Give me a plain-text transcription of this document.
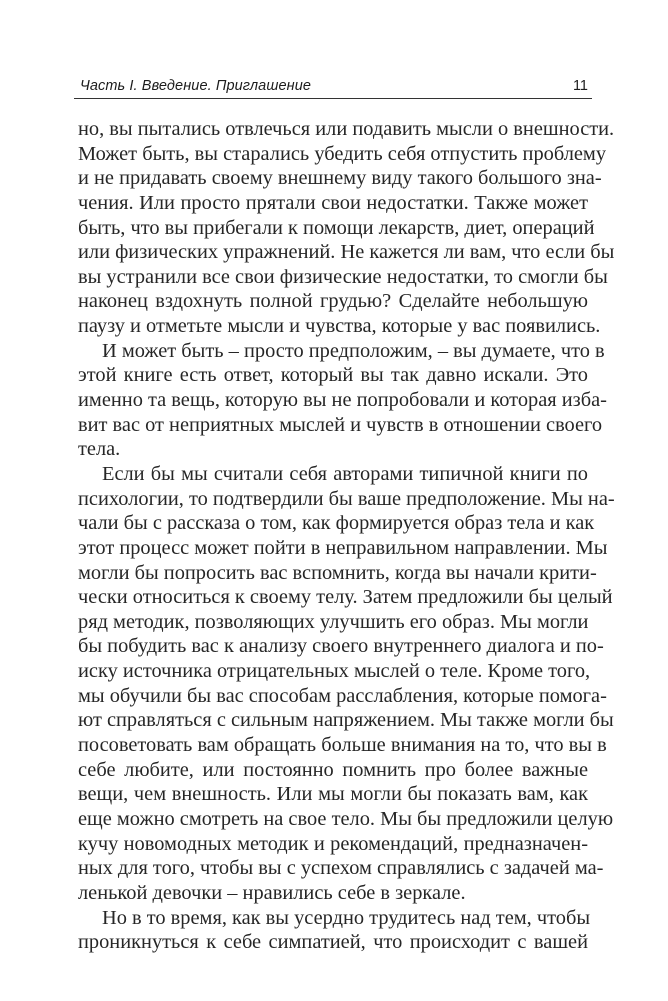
Часть I. Введение. Приглашение	11
но, вы пытались отвлечься или подавить мысли о внешности.
Может быть, вы старались убедить себя отпустить проблему
и не придавать своему внешнему виду такого большого зна-
чения. Или просто прятали свои недостатки. Также может
быть, что вы прибегали к помощи лекарств, диет, операций
или физических упражнений. Не кажется ли вам, что если бы
вы устранили все свои физические недостатки, то смогли бы
наконец вздохнуть полной грудью? Сделайте небольшую
паузу и отметьте мысли и чувства, которые у вас появились.
И может быть – просто предположим, – вы думаете, что в
этой книге есть ответ, который вы так давно искали. Это
именно та вещь, которую вы не попробовали и которая изба-
вит вас от неприятных мыслей и чувств в отношении своего
тела.
Если бы мы считали себя авторами типичной книги по
психологии, то подтвердили бы ваше предположение. Мы на-
чали бы с рассказа о том, как формируется образ тела и как
этот процесс может пойти в неправильном направлении. Мы
могли бы попросить вас вспомнить, когда вы начали крити-
чески относиться к своему телу. Затем предложили бы целый
ряд методик, позволяющих улучшить его образ. Мы могли
бы побудить вас к анализу своего внутреннего диалога и по-
иску источника отрицательных мыслей о теле. Кроме того,
мы обучили бы вас способам расслабления, которые помога-
ют справляться с сильным напряжением. Мы также могли бы
посоветовать вам обращать больше внимания на то, что вы в
себе любите, или постоянно помнить про более важные
вещи, чем внешность. Или мы могли бы показать вам, как
еще можно смотреть на свое тело. Мы бы предложили целую
кучу новомодных методик и рекомендаций, предназначен-
ных для того, чтобы вы с успехом справлялись с задачей ма-
ленькой девочки – нравились себе в зеркале.
Но в то время, как вы усердно трудитесь над тем, чтобы
проникнуться к себе симпатией, что происходит с вашей
